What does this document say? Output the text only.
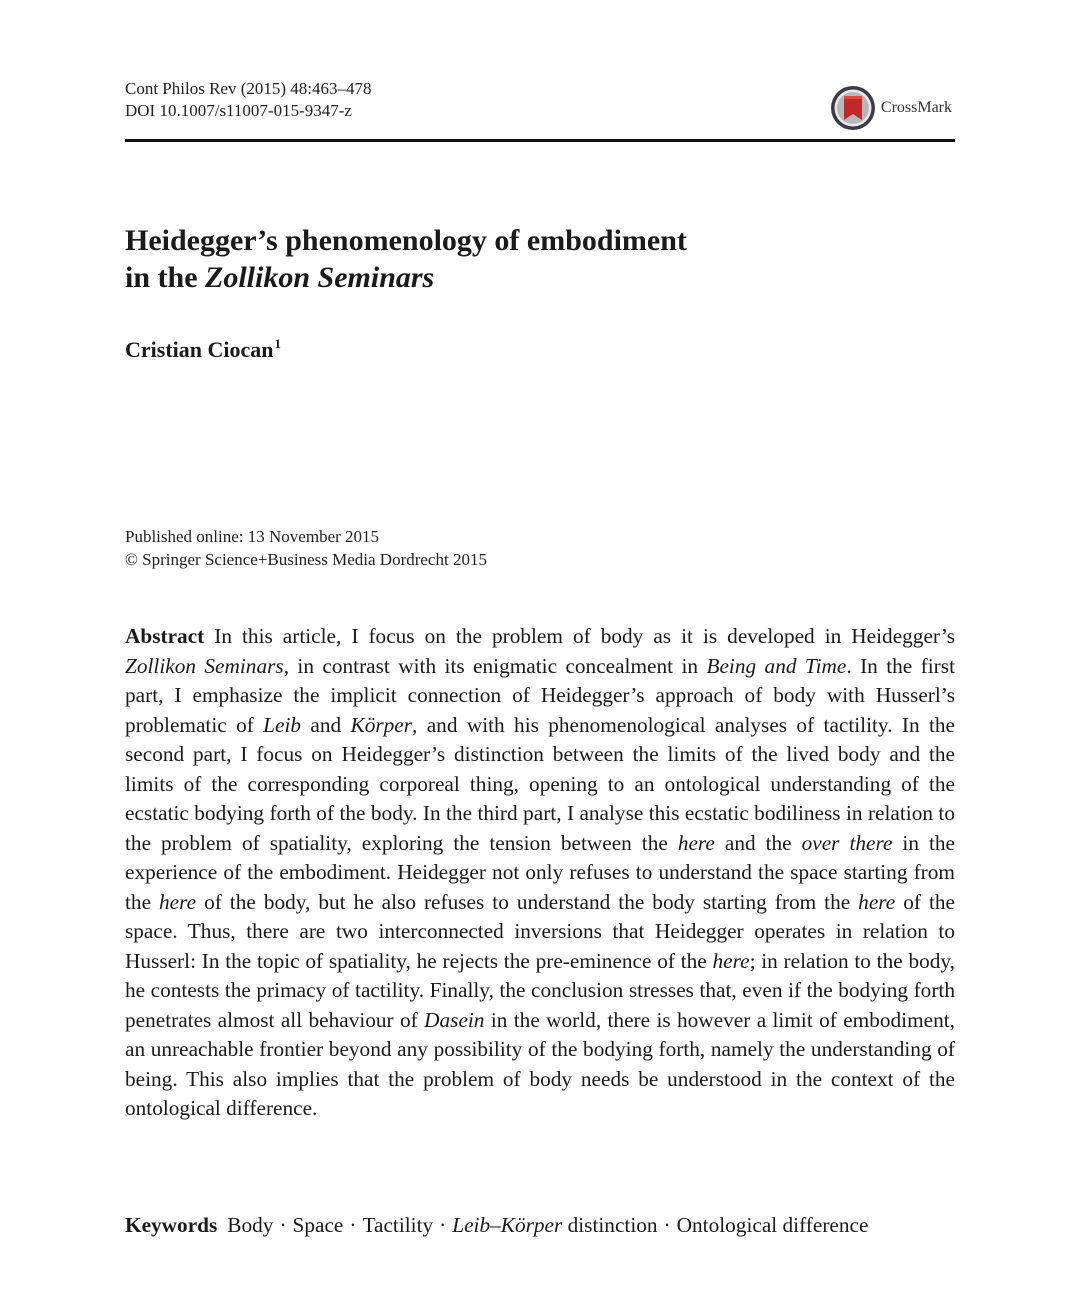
Cont Philos Rev (2015) 48:463–478
DOI 10.1007/s11007-015-9347-z	CrossMark
Heidegger’s phenomenology of embodiment
in the Zollikon Seminars
Cristian Ciocan$^1$
Published online: 13 November 2015
© Springer Science+Business Media Dordrecht 2015
Abstract In this article, I focus on the problem of body as it is developed in Heidegger’s Zollikon Seminars, in contrast with its enigmatic concealment in Being and Time. In the first part, I emphasize the implicit connection of Heidegger’s approach of body with Husserl’s problematic of Leib and Körper, and with his phenomenological analyses of tactility. In the second part, I focus on Heidegger’s distinction between the limits of the lived body and the limits of the corresponding corporeal thing, opening to an ontological understanding of the ecstatic bodying forth of the body. In the third part, I analyse this ecstatic bodiliness in relation to the problem of spatiality, exploring the tension between the here and the over there in the experience of the embodiment. Heidegger not only refuses to understand the space starting from the here of the body, but he also refuses to understand the body starting from the here of the space. Thus, there are two interconnected inversions that Heidegger operates in relation to Husserl: In the topic of spatiality, he rejects the pre-eminence of the here; in relation to the body, he contests the primacy of tactility. Finally, the conclusion stresses that, even if the bodying forth penetrates almost all behaviour of Dasein in the world, there is however a limit of embodiment, an unreachable frontier beyond any possibility of the bodying forth, namely the understanding of being. This also implies that the problem of body needs be understood in the context of the ontological difference.
Keywords Body · Space · Tactility · Leib–Körper distinction · Ontological difference
